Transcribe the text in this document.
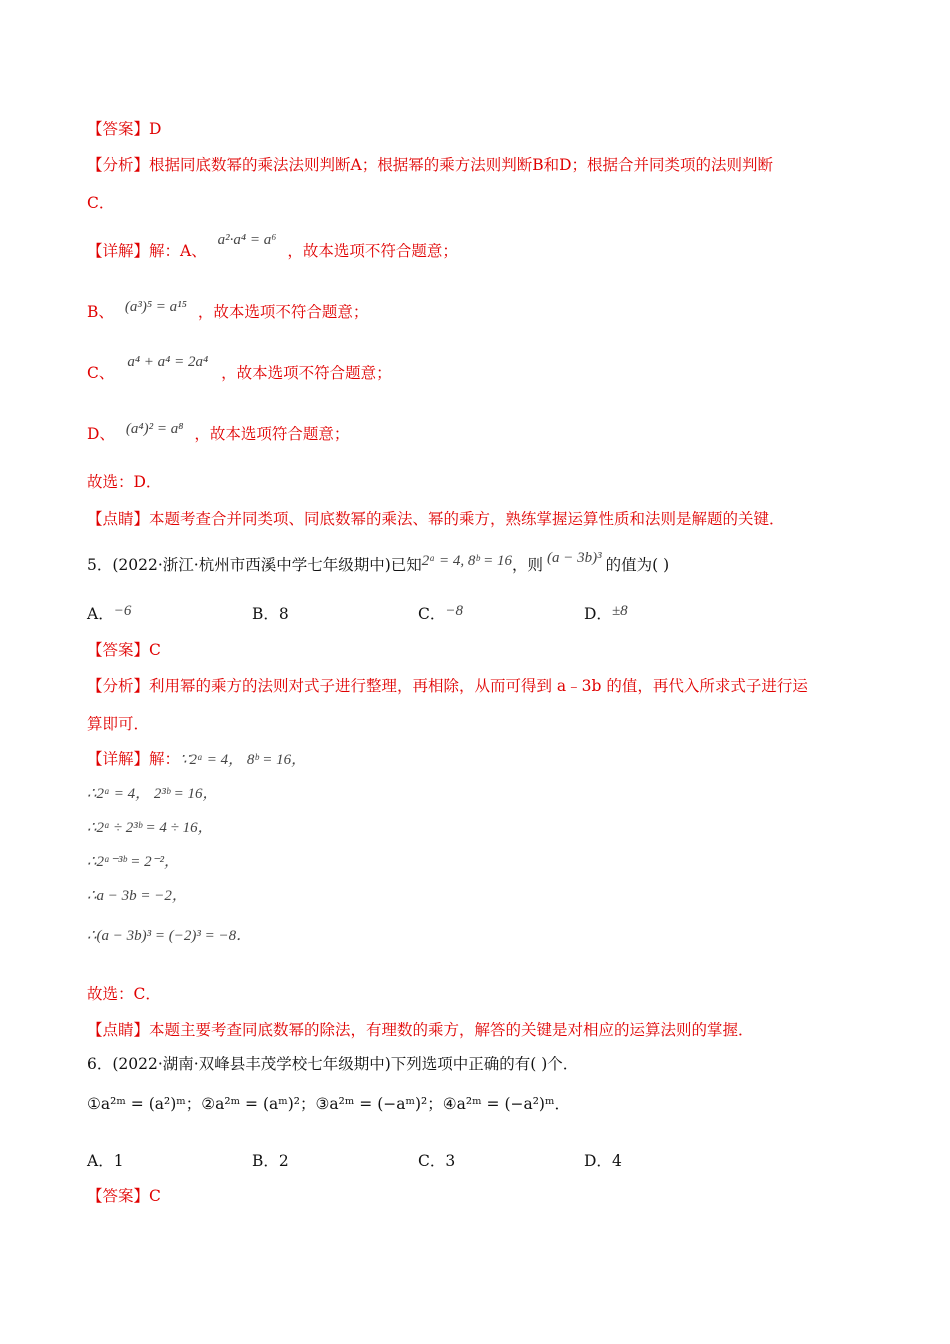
【答案】D
【分析】根据同底数幂的乘法法则判断A；根据幂的乘方法则判断B和D；根据合并同类项的法则判断
C．
【详解】解：A、 a²·a⁴ = a⁶ ，故本选项不符合题意；
B、 (a³)⁵ = a¹⁵ ，故本选项不符合题意；
C、 a⁴ + a⁴ = 2a⁴ ，故本选项不符合题意；
D、 (a⁴)² = a⁸ ，故本选项符合题意；
故选：D．
【点睛】本题考查合并同类项、同底数幂的乘法、幂的乘方，熟练掌握运算性质和法则是解题的关键．
5．(2022·浙江·杭州市西溪中学七年级期中)已知2ᵃ = 4, 8ᵇ = 16，则 (a − 3b)³ 的值为( )
A．−6	B．8	C．−8	D．±8
【答案】C
【分析】利用幂的乘方的法则对式子进行整理，再相除，从而可得到 a﹣3b 的值，再代入所求式子进行运
算即可．
【详解】解：∵2ᵃ = 4， 8ᵇ = 16，
∴2ᵃ = 4， 2³ᵇ = 16，
∴2ᵃ ÷ 2³ᵇ = 4 ÷ 16，
∴2ᵃ⁻³ᵇ = 2⁻²，
∴a − 3b = −2，
∴(a − 3b)³ = (−2)³ = −8．
故选：C．
【点睛】本题主要考查同底数幂的除法，有理数的乘方，解答的关键是对相应的运算法则的掌握．
6．(2022·湖南·双峰县丰茂学校七年级期中)下列选项中正确的有( )个．
①a²ᵐ = (a²)ᵐ；②a²ᵐ = (aᵐ)²；③a²ᵐ = (−aᵐ)²；④a²ᵐ = (−a²)ᵐ．
A．1	B．2	C．3	D．4
【答案】C
